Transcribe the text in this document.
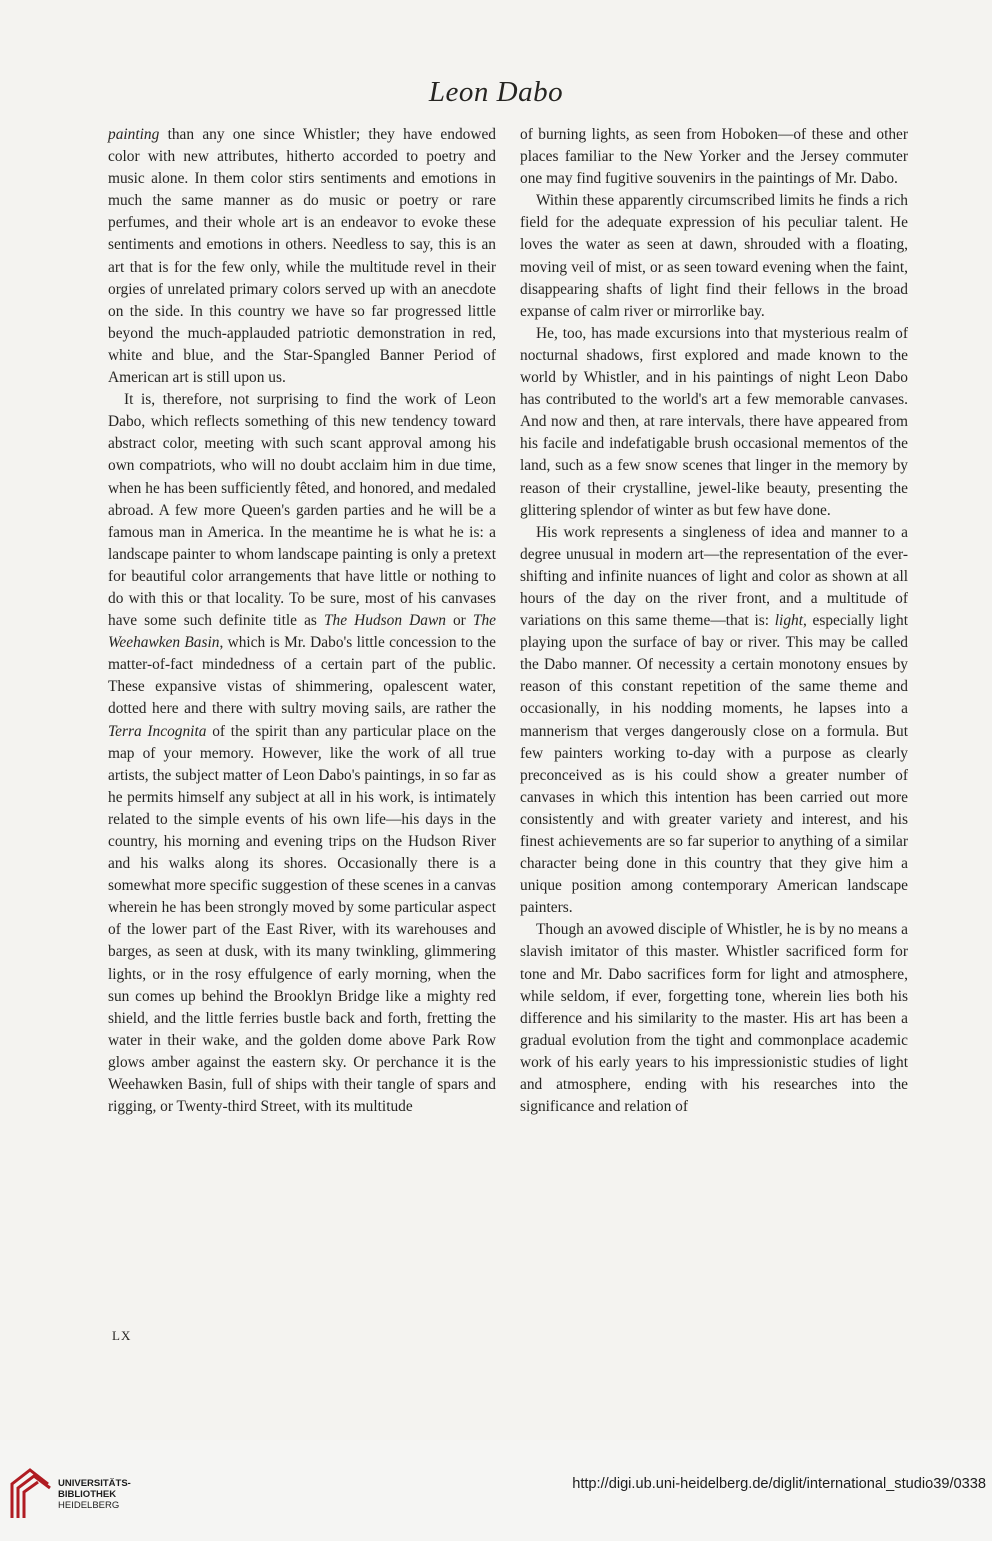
Leon Dabo

painting than any one since Whistler; they have endowed color with new attributes, hitherto accorded to poetry and music alone. In them color stirs sentiments and emotions in much the same manner as do music or poetry or rare perfumes, and their whole art is an endeavor to evoke these sentiments and emotions in others. Needless to say, this is an art that is for the few only, while the multitude revel in their orgies of unrelated primary colors served up with an anecdote on the side. In this country we have so far progressed little beyond the much-applauded patriotic demonstration in red, white and blue, and the Star-Spangled Banner Period of American art is still upon us.

It is, therefore, not surprising to find the work of Leon Dabo, which reflects something of this new tendency toward abstract color, meeting with such scant approval among his own compatriots, who will no doubt acclaim him in due time, when he has been sufficiently fêted, and honored, and medaled abroad. A few more Queen's garden parties and he will be a famous man in America. In the meantime he is what he is: a landscape painter to whom landscape painting is only a pretext for beautiful color arrangements that have little or nothing to do with this or that locality. To be sure, most of his canvases have some such definite title as The Hudson Dawn or The Weehawken Basin, which is Mr. Dabo's little concession to the matter-of-fact mindedness of a certain part of the public. These expansive vistas of shimmering, opalescent water, dotted here and there with sultry moving sails, are rather the Terra Incognita of the spirit than any particular place on the map of your memory. However, like the work of all true artists, the subject matter of Leon Dabo's paintings, in so far as he permits himself any subject at all in his work, is intimately related to the simple events of his own life—his days in the country, his morning and evening trips on the Hudson River and his walks along its shores. Occasionally there is a somewhat more specific suggestion of these scenes in a canvas wherein he has been strongly moved by some particular aspect of the lower part of the East River, with its warehouses and barges, as seen at dusk, with its many twinkling, glimmering lights, or in the rosy effulgence of early morning, when the sun comes up behind the Brooklyn Bridge like a mighty red shield, and the little ferries bustle back and forth, fretting the water in their wake, and the golden dome above Park Row glows amber against the eastern sky. Or perchance it is the Weehawken Basin, full of ships with their tangle of spars and rigging, or Twenty-third Street, with its multitude

of burning lights, as seen from Hoboken—of these and other places familiar to the New Yorker and the Jersey commuter one may find fugitive souvenirs in the paintings of Mr. Dabo.

Within these apparently circumscribed limits he finds a rich field for the adequate expression of his peculiar talent. He loves the water as seen at dawn, shrouded with a floating, moving veil of mist, or as seen toward evening when the faint, disappearing shafts of light find their fellows in the broad expanse of calm river or mirrorlike bay.

He, too, has made excursions into that mysterious realm of nocturnal shadows, first explored and made known to the world by Whistler, and in his paintings of night Leon Dabo has contributed to the world's art a few memorable canvases. And now and then, at rare intervals, there have appeared from his facile and indefatigable brush occasional mementos of the land, such as a few snow scenes that linger in the memory by reason of their crystalline, jewel-like beauty, presenting the glittering splendor of winter as but few have done.

His work represents a singleness of idea and manner to a degree unusual in modern art—the representation of the ever-shifting and infinite nuances of light and color as shown at all hours of the day on the river front, and a multitude of variations on this same theme—that is: light, especially light playing upon the surface of bay or river. This may be called the Dabo manner. Of necessity a certain monotony ensues by reason of this constant repetition of the same theme and occasionally, in his nodding moments, he lapses into a mannerism that verges dangerously close on a formula. But few painters working to-day with a purpose as clearly preconceived as is his could show a greater number of canvases in which this intention has been carried out more consistently and with greater variety and interest, and his finest achievements are so far superior to anything of a similar character being done in this country that they give him a unique position among contemporary American landscape painters.

Though an avowed disciple of Whistler, he is by no means a slavish imitator of this master. Whistler sacrificed form for tone and Mr. Dabo sacrifices form for light and atmosphere, while seldom, if ever, forgetting tone, wherein lies both his difference and his similarity to the master. His art has been a gradual evolution from the tight and commonplace academic work of his early years to his impressionistic studies of light and atmosphere, ending with his researches into the significance and relation of

LX
UNIVERSITÄTS-
BIBLIOTHEK
HEIDELBERG
http://digi.ub.uni-heidelberg.de/diglit/international_studio39/0338
